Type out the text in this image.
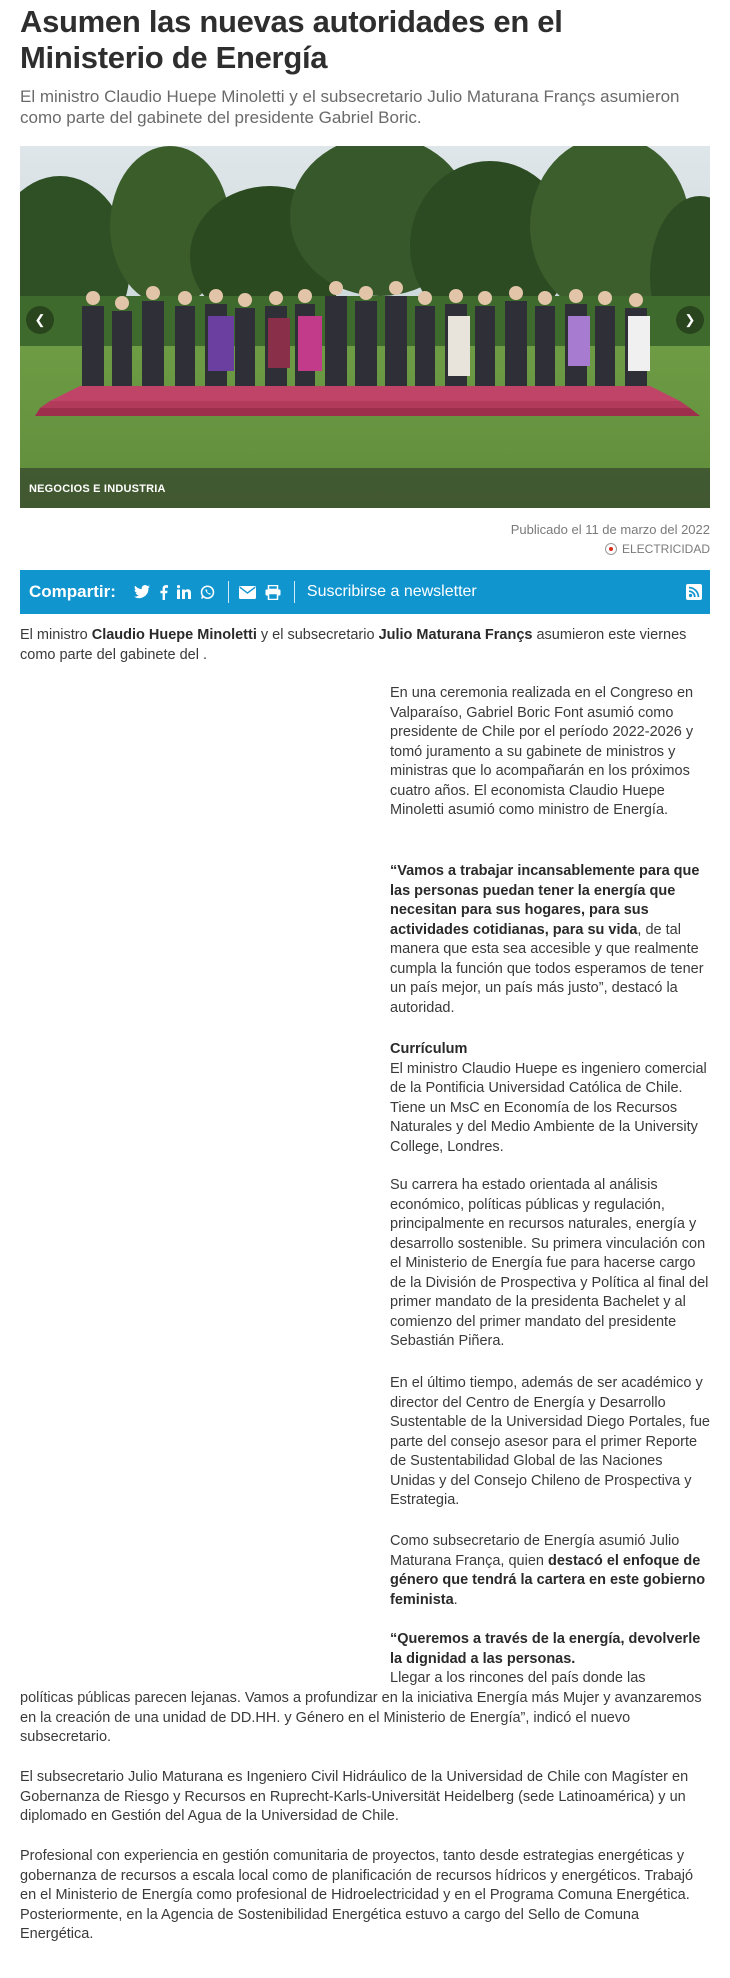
Asumen las nuevas autoridades en el Ministerio de Energía

El ministro Claudio Huepe Minoletti y el subsecretario Julio Maturana Françs asumieron como parte del gabinete del presidente Gabriel Boric.

❮	❯
NEGOCIOS E INDUSTRIA
Publicado el 11 de marzo del 2022
ELECTRICIDAD
Compartir:	Suscribirse a newsletter

El ministro Claudio Huepe Minoletti y el subsecretario Julio Maturana Françs asumieron este viernes como parte del gabinete del .

En una ceremonia realizada en el Congreso en Valparaíso, Gabriel Boric Font asumió como presidente de Chile por el período 2022-2026 y tomó juramento a su gabinete de ministros y ministras que lo acompañarán en los próximos cuatro años. El economista Claudio Huepe Minoletti asumió como ministro de Energía.

“Vamos a trabajar incansablemente para que las personas puedan tener la energía que necesitan para sus hogares, para sus actividades cotidianas, para su vida, de tal manera que esta sea accesible y que realmente cumpla la función que todos esperamos de tener un país mejor, un país más justo”, destacó la autoridad.

Currículum
El ministro Claudio Huepe es ingeniero comercial de la Pontificia Universidad Católica de Chile. Tiene un MsC en Economía de los Recursos Naturales y del Medio Ambiente de la University College, Londres.

Su carrera ha estado orientada al análisis económico, políticas públicas y regulación, principalmente en recursos naturales, energía y desarrollo sostenible. Su primera vinculación con el Ministerio de Energía fue para hacerse cargo de la División de Prospectiva y Política al final del primer mandato de la presidenta Bachelet y al comienzo del primer mandato del presidente Sebastián Piñera.

En el último tiempo, además de ser académico y director del Centro de Energía y Desarrollo Sustentable de la Universidad Diego Portales, fue parte del consejo asesor para el primer Reporte de Sustentabilidad Global de las Naciones Unidas y del Consejo Chileno de Prospectiva y Estrategia.

Como subsecretario de Energía asumió Julio Maturana França, quien destacó el enfoque de género que tendrá la cartera en este gobierno feminista.

“Queremos a través de la energía, devolverle la dignidad a las personas.
Llegar a los rincones del país donde las

políticas públicas parecen lejanas. Vamos a profundizar en la iniciativa Energía más Mujer y avanzaremos en la creación de una unidad de DD.HH. y Género en el Ministerio de Energía”, indicó el nuevo subsecretario.

El subsecretario Julio Maturana es Ingeniero Civil Hidráulico de la Universidad de Chile con Magíster en Gobernanza de Riesgo y Recursos en Ruprecht-Karls-Universität Heidelberg (sede Latinoamérica) y un diplomado en Gestión del Agua de la Universidad de Chile.

Profesional con experiencia en gestión comunitaria de proyectos, tanto desde estrategias energéticas y gobernanza de recursos a escala local como de planificación de recursos hídricos y energéticos. Trabajó en el Ministerio de Energía como profesional de Hidroelectricidad y en el Programa Comuna Energética. Posteriormente, en la Agencia de Sostenibilidad Energética estuvo a cargo del Sello de Comuna Energética.
